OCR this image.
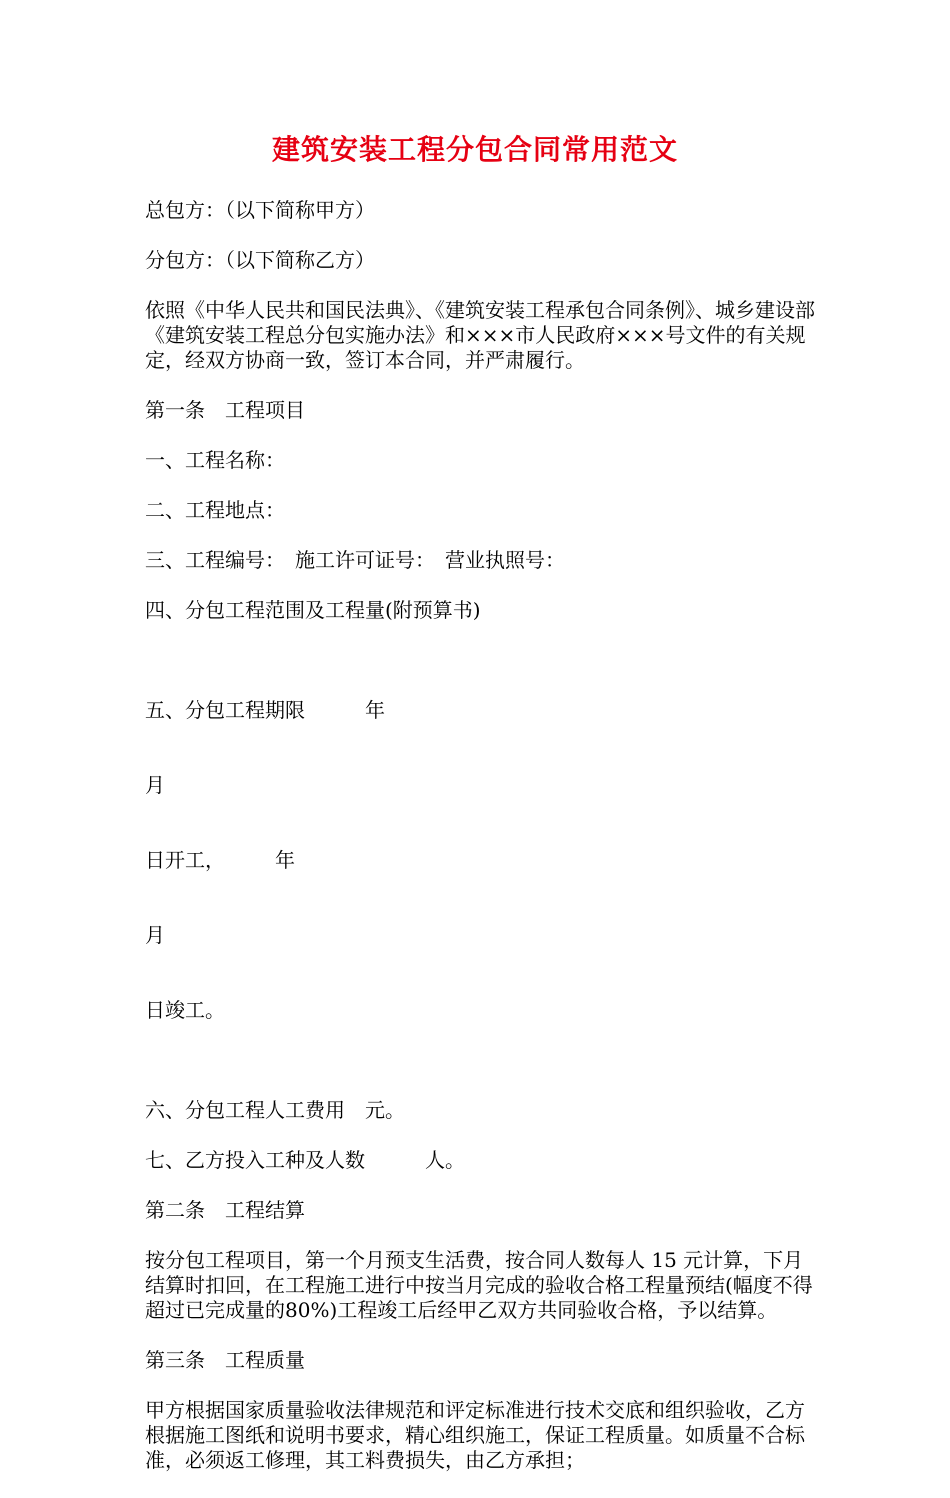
建筑安装工程分包合同常用范文

总包方：（以下简称甲方）

分包方：（以下简称乙方）

依照《中华人民共和国民法典》、《建筑安装工程承包合同条例》、城乡建设部《建筑安装工程总分包实施办法》和×××市人民政府×××号文件的有关规定，经双方协商一致，签订本合同，并严肃履行。

第一条　工程项目

一、工程名称：

二、工程地点：

三、工程编号：　施工许可证号：　营业执照号：

四、分包工程范围及工程量(附预算书)

五、分包工程期限　　　年

月

日开工，　　　年

月

日竣工。

六、分包工程人工费用　元。

七、乙方投入工种及人数　　　人。

第二条　工程结算

按分包工程项目，第一个月预支生活费，按合同人数每人 15 元计算，下月结算时扣回，在工程施工进行中按当月完成的验收合格工程量预结(幅度不得超过已完成量的80%)工程竣工后经甲乙双方共同验收合格，予以结算。

第三条　工程质量

甲方根据国家质量验收法律规范和评定标准进行技术交底和组织验收，乙方根据施工图纸和说明书要求，精心组织施工，保证工程质量。如质量不合标准，必须返工修理，其工料费损失，由乙方承担；
